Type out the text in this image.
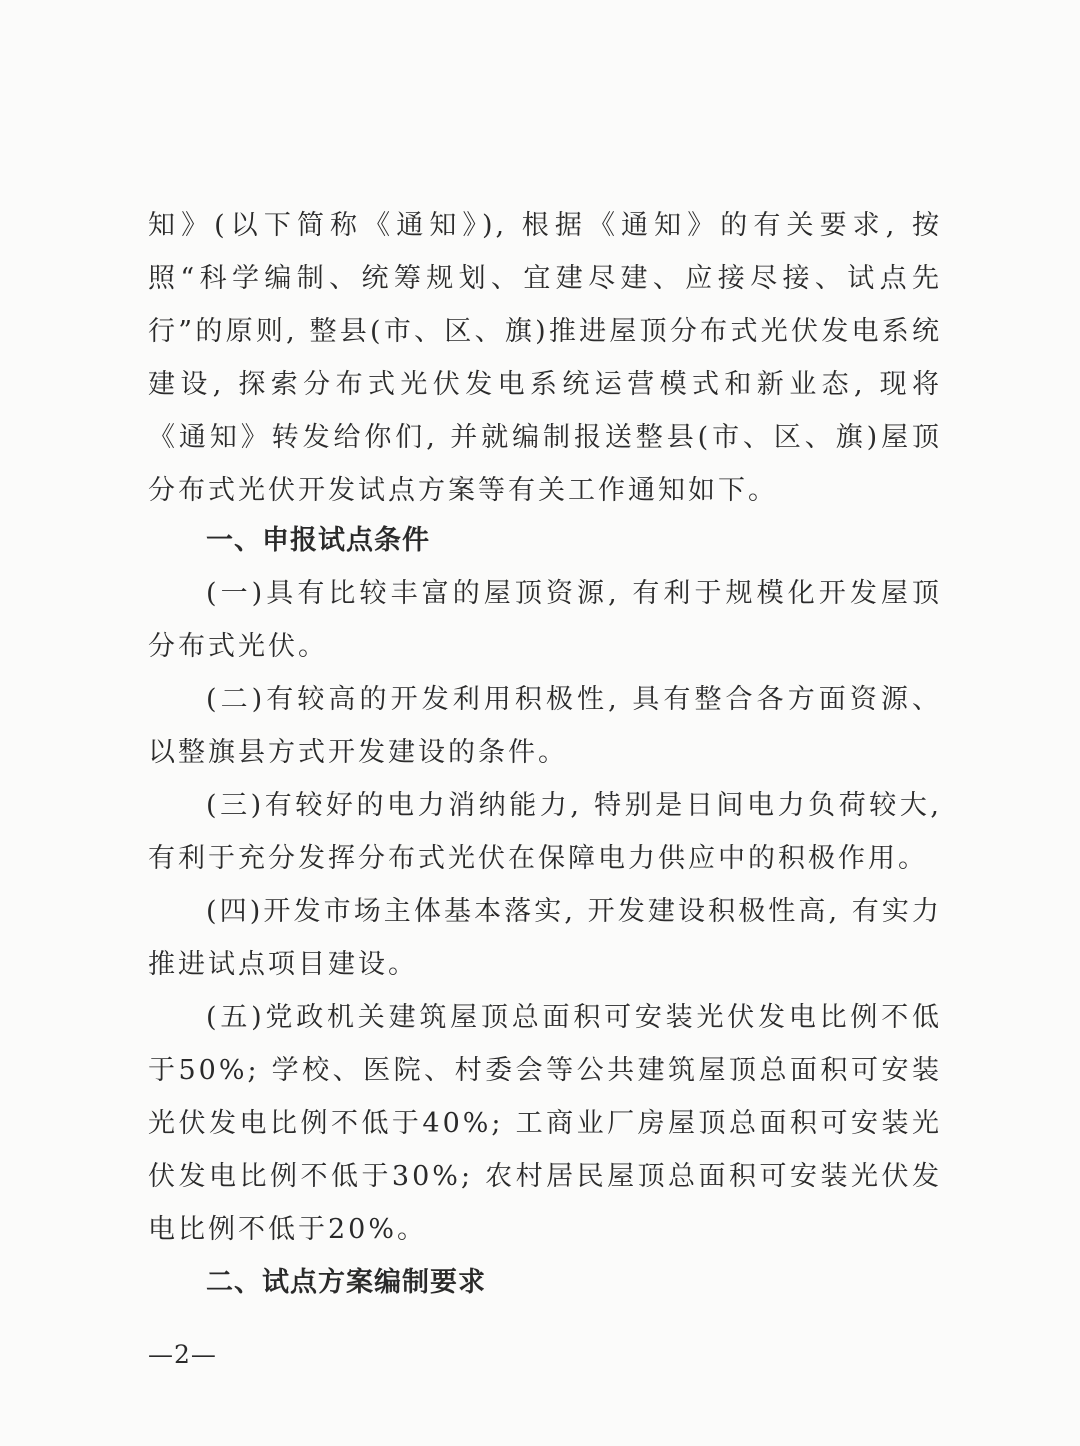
知》(以下简称《通知》), 根据《通知》的有关要求, 按照“科学编制、统筹规划、宜建尽建、应接尽接、试点先行”的原则, 整县(市、区、旗)推进屋顶分布式光伏发电系统建设, 探索分布式光伏发电系统运营模式和新业态, 现将《通知》转发给你们, 并就编制报送整县(市、区、旗)屋顶分布式光伏开发试点方案等有关工作通知如下。

一、申报试点条件

(一)具有比较丰富的屋顶资源, 有利于规模化开发屋顶分布式光伏。

(二)有较高的开发利用积极性, 具有整合各方面资源、以整旗县方式开发建设的条件。

(三)有较好的电力消纳能力, 特别是日间电力负荷较大, 有利于充分发挥分布式光伏在保障电力供应中的积极作用。

(四)开发市场主体基本落实, 开发建设积极性高, 有实力推进试点项目建设。

(五)党政机关建筑屋顶总面积可安装光伏发电比例不低于50%; 学校、医院、村委会等公共建筑屋顶总面积可安装光伏发电比例不低于40%; 工商业厂房屋顶总面积可安装光伏发电比例不低于30%; 农村居民屋顶总面积可安装光伏发电比例不低于20%。

二、试点方案编制要求

—2—
